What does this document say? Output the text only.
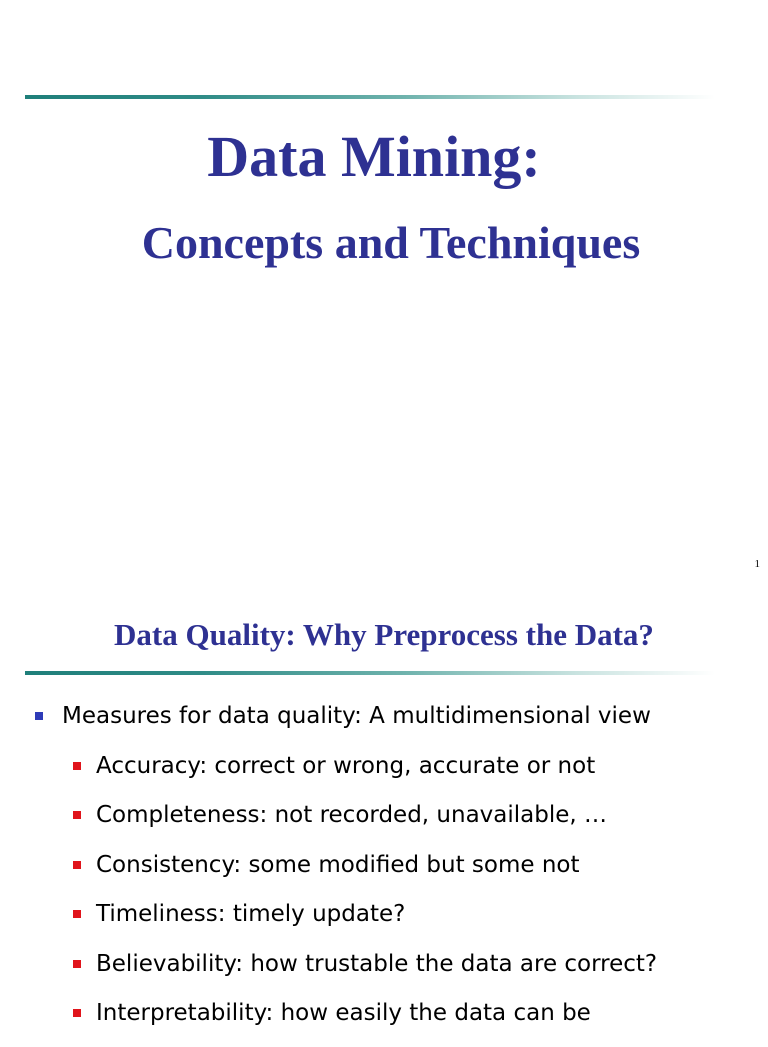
Data Mining:
Concepts and Techniques
1
Data Quality: Why Preprocess the Data?
Measures for data quality: A multidimensional view
Accuracy: correct or wrong, accurate or not
Completeness: not recorded, unavailable, …
Consistency: some modified but some not
Timeliness: timely update?
Believability: how trustable the data are correct?
Interpretability: how easily the data can be
